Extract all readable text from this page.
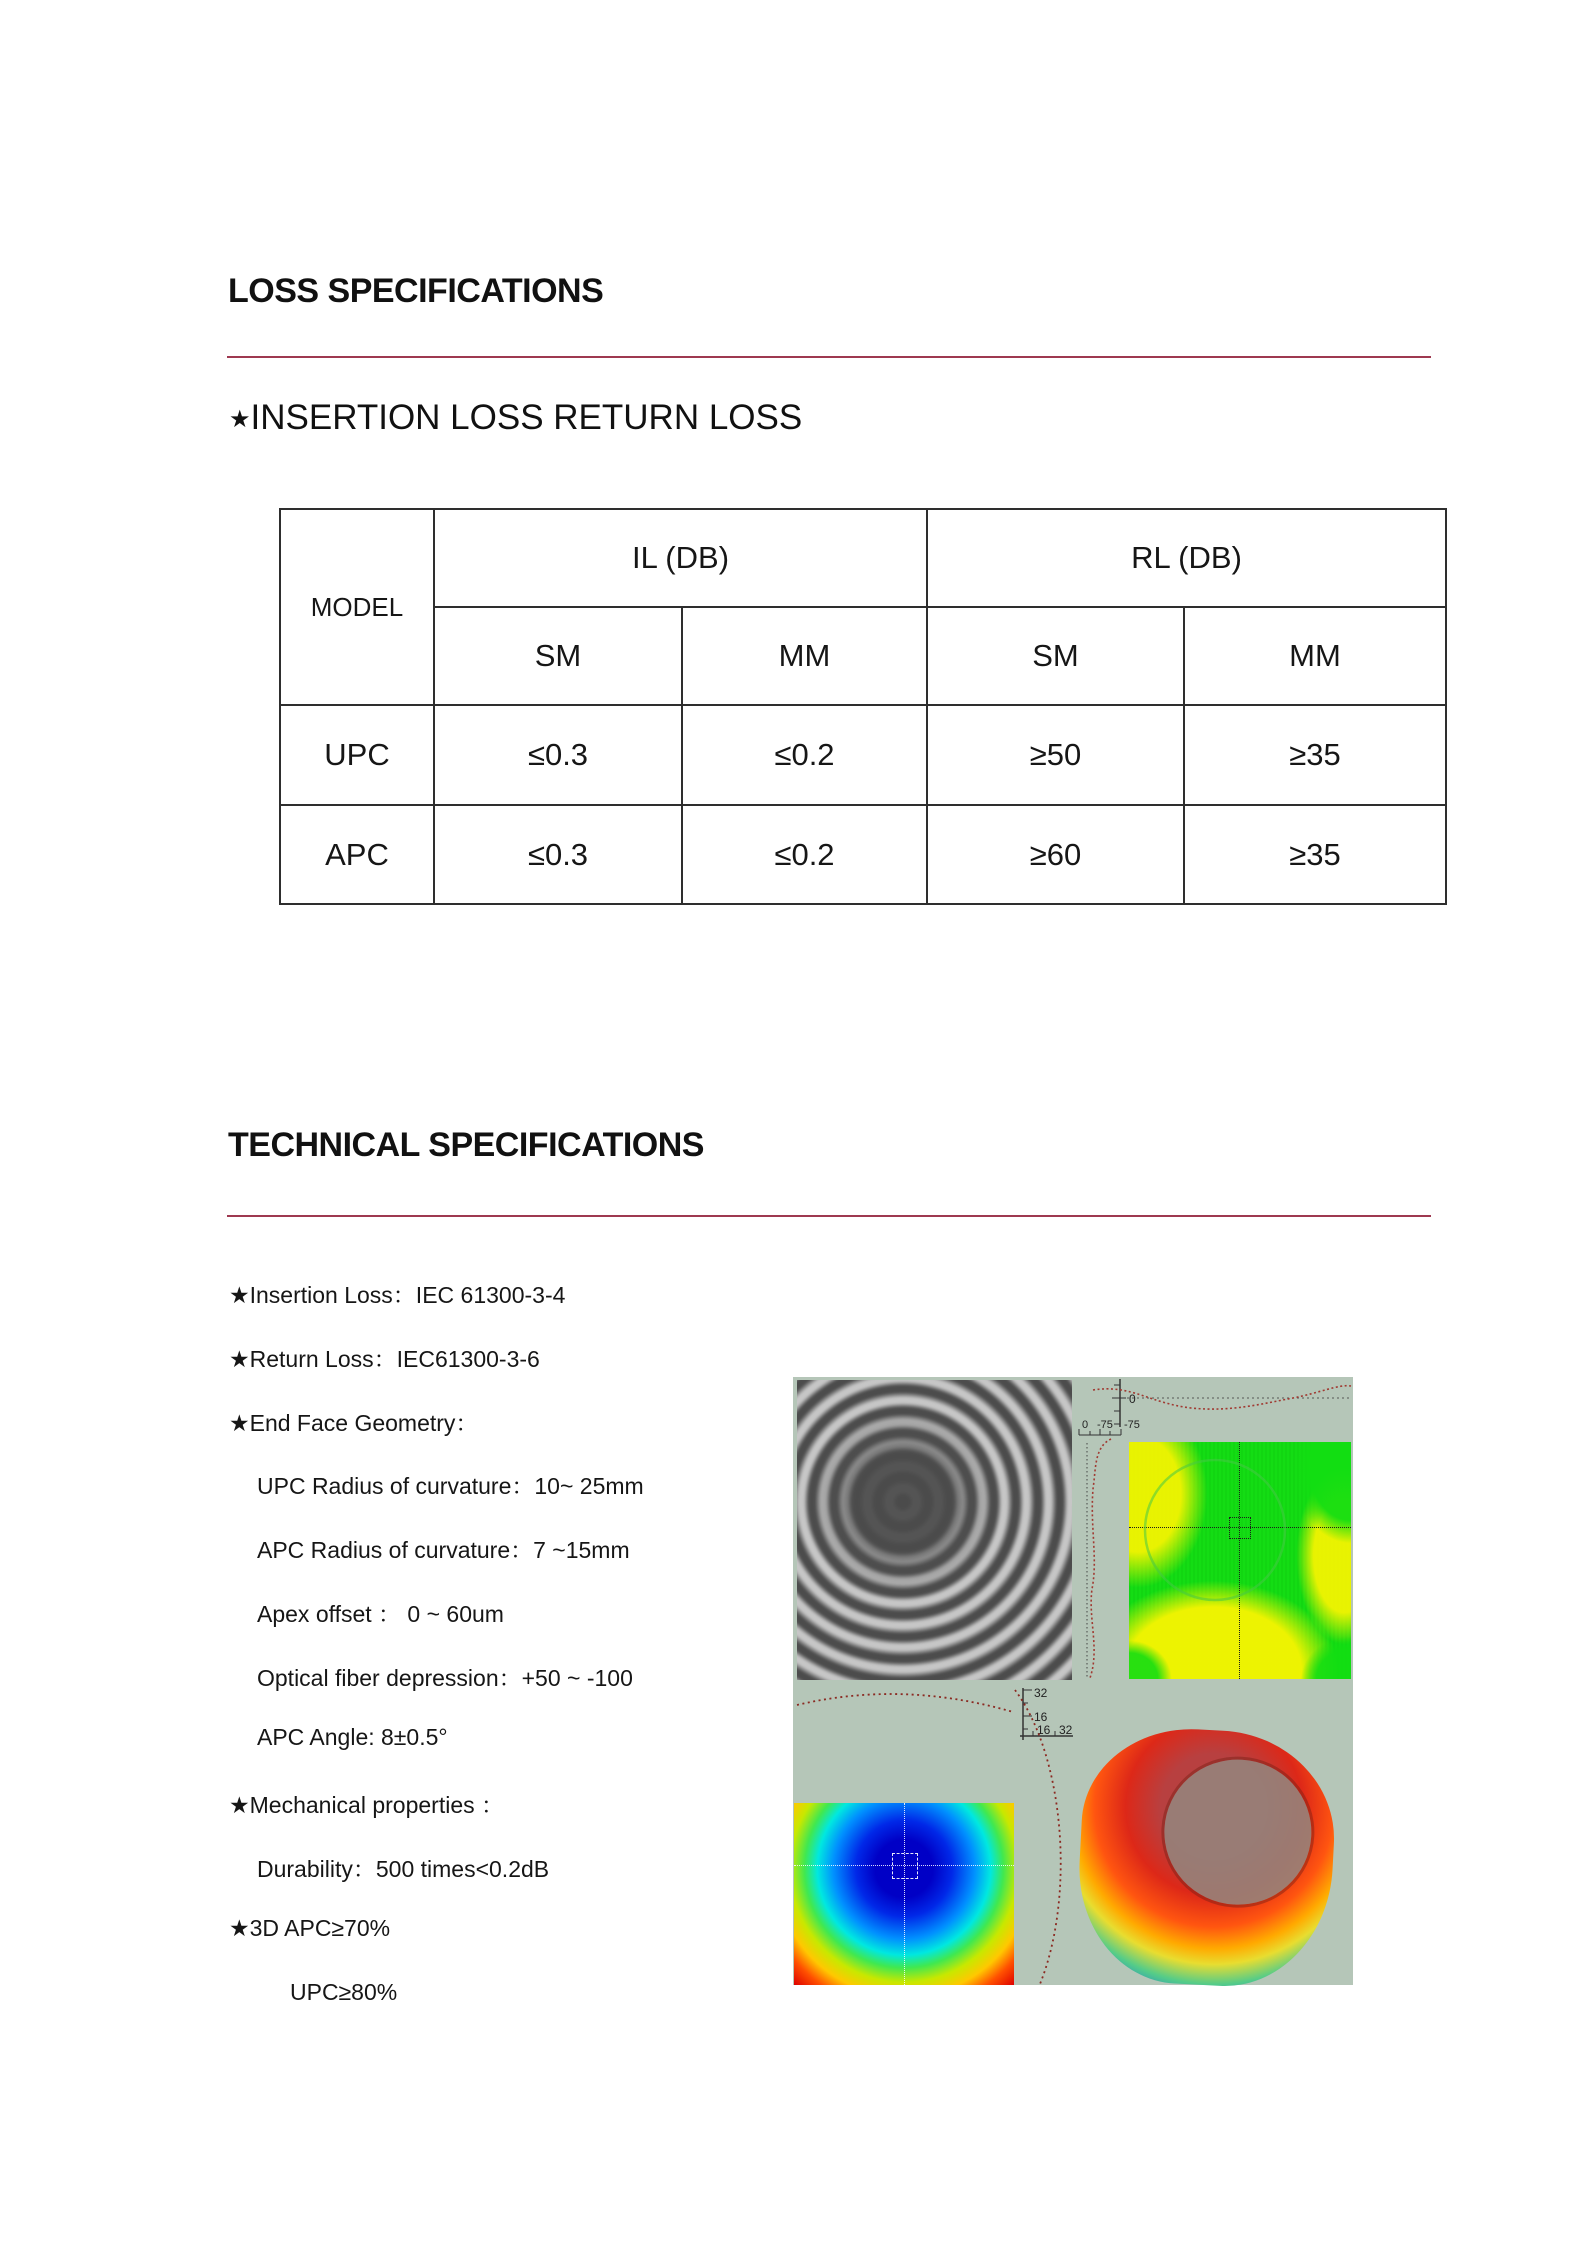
LOSS SPECIFICATIONS
★INSERTION LOSS RETURN LOSS
MODEL
IL (DB)	RL (DB)
SM	MM	SM	MM
UPC	≤0.3	≤0.2	≥50	≥35
APC	≤0.3	≤0.2	≥60	≥35
TECHNICAL SPECIFICATIONS
★Insertion Loss：IEC 61300-3-4
★Return Loss：IEC61300-3-6
★End Face Geometry：
UPC Radius of curvature：10~ 25mm
APC Radius of curvature：7 ~15mm
Apex offset ： 0 ~ 60um
Optical fiber depression：+50 ~ -100
APC Angle: 8±0.5°
★Mechanical properties ：
Durability：500 times<0.2dB
★3D APC≥70%
UPC≥80%
0
0 -75 -75
32
16
16 32
